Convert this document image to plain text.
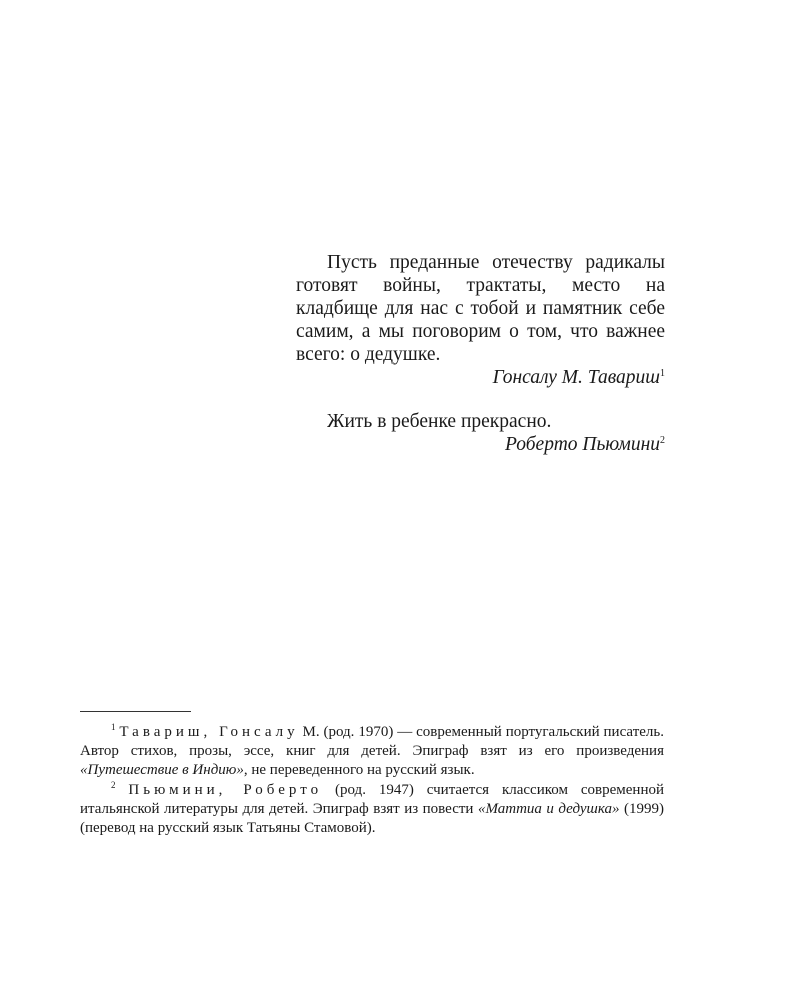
Пусть преданные отечеству радикалы готовят войны, трактаты, место на кладбище для нас с тобой и памятник себе самим, а мы поговорим о том, что важнее всего: о дедушке.

Гонсалу М. Тавариш$^1$

Жить в ребенке прекрасно.

Роберто Пьюмини$^2$

$^1$ Тавариш, Гонсалу М. (род. 1970) — современный португальский писатель. Автор стихов, прозы, эссе, книг для детей. Эпиграф взят из его произведения «Путешествие в Индию», не переведенного на русский язык.

$^2$ Пьюмини, Роберто (род. 1947) считается классиком современной итальянской литературы для детей. Эпиграф взят из повести «Маттиа и дедушка» (1999) (перевод на русский язык Татьяны Стамовой).
